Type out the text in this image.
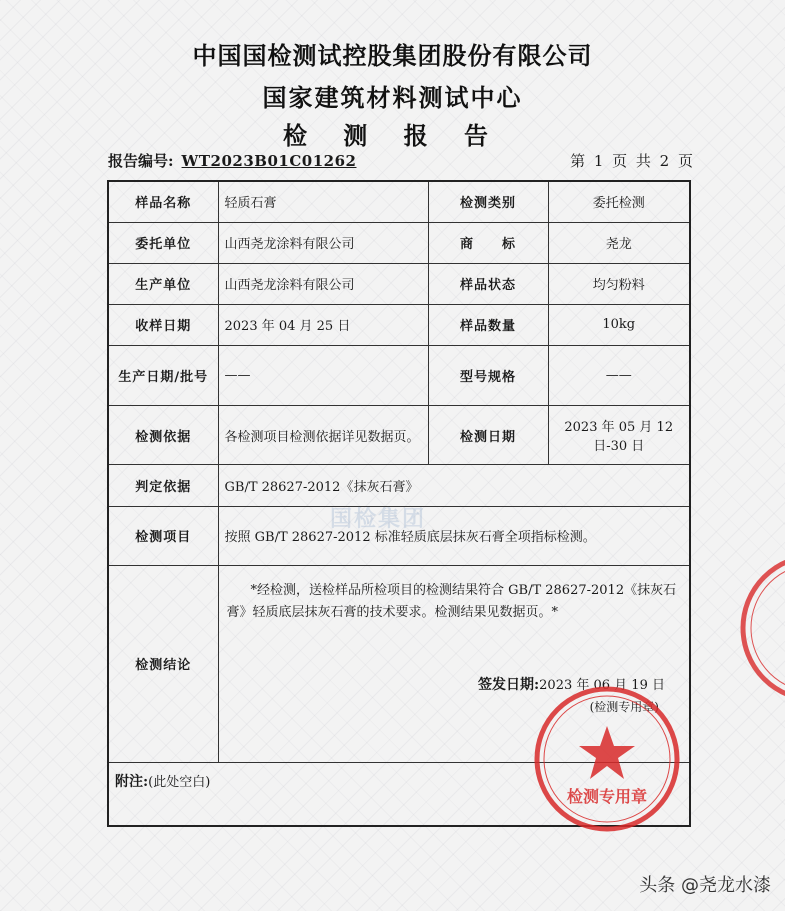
中国国检测试控股集团股份有限公司
国家建筑材料测试中心
检 测 报 告
报告编号: WT2023B01C01262	第 1 页 共 2 页
样品名称	轻质石膏	检测类别	委托检测
委托单位	山西尧龙涂料有限公司	商　　标	尧龙
生产单位	山西尧龙涂料有限公司	样品状态	均匀粉料
收样日期	2023 年 04 月 25 日	样品数量	10kg
生产日期/批号	——	型号规格	——
检测依据	各检测项目检测依据详见数据页。	检测日期	2023 年 05 月 12 日-30 日
判定依据	GB/T 28627-2012《抹灰石膏》		
检测项目	按照 GB/T 28627-2012 标准轻质底层抹灰石膏全项指标检测。		
检测结论	*经检测，送检样品所检项目的检测结果符合 GB/T 28627-2012《抹灰石膏》轻质底层抹灰石膏的技术要求。检测结果见数据页。*
签发日期:2023 年 06 月 19 日
(检测专用章)		

附注:(此处空白)			
国检集团
检测专用章
头条 @尧龙水漆
